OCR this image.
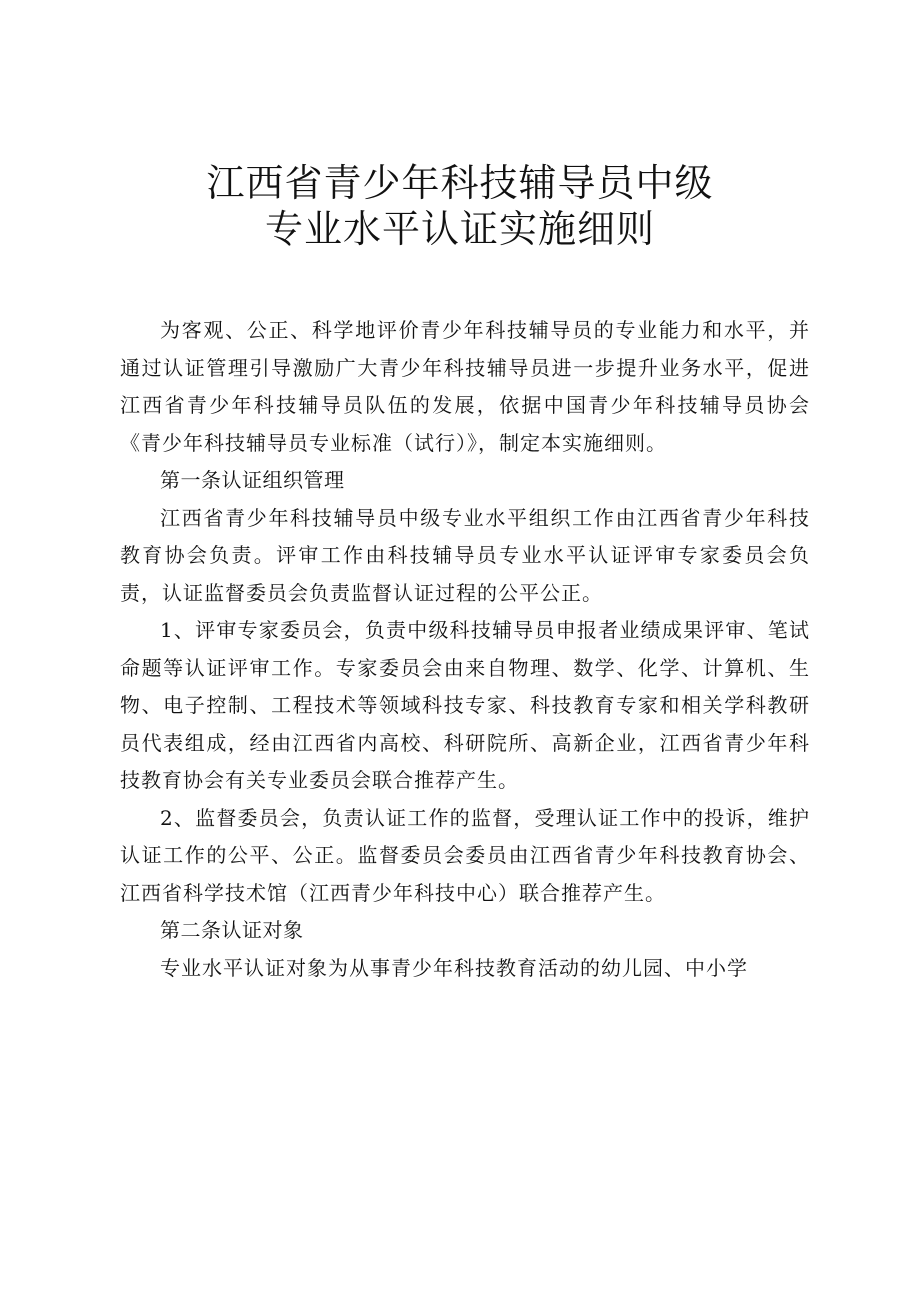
江西省青少年科技辅导员中级
专业水平认证实施细则

为客观、公正、科学地评价青少年科技辅导员的专业能力和水平，并通过认证管理引导激励广大青少年科技辅导员进一步提升业务水平，促进江西省青少年科技辅导员队伍的发展，依据中国青少年科技辅导员协会《青少年科技辅导员专业标准（试行）》，制定本实施细则。

第一条认证组织管理

江西省青少年科技辅导员中级专业水平组织工作由江西省青少年科技教育协会负责。评审工作由科技辅导员专业水平认证评审专家委员会负责，认证监督委员会负责监督认证过程的公平公正。

1、评审专家委员会，负责中级科技辅导员申报者业绩成果评审、笔试命题等认证评审工作。专家委员会由来自物理、数学、化学、计算机、生物、电子控制、工程技术等领域科技专家、科技教育专家和相关学科教研员代表组成，经由江西省内高校、科研院所、高新企业，江西省青少年科技教育协会有关专业委员会联合推荐产生。

2、监督委员会，负责认证工作的监督，受理认证工作中的投诉，维护认证工作的公平、公正。监督委员会委员由江西省青少年科技教育协会、江西省科学技术馆（江西青少年科技中心）联合推荐产生。

第二条认证对象

专业水平认证对象为从事青少年科技教育活动的幼儿园、中小学
